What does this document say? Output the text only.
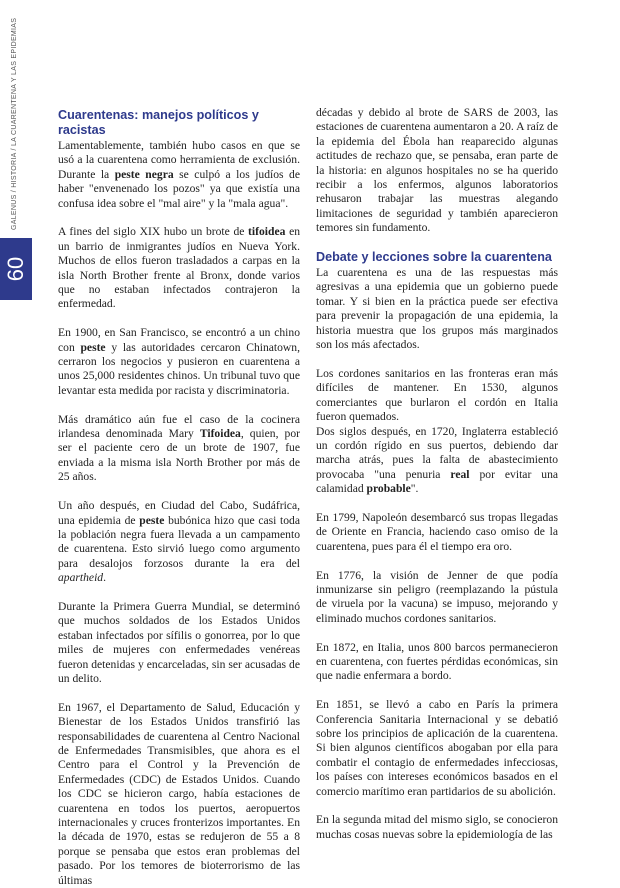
GALENUS / HISTORIA / LA CUARENTENA Y LAS EPIDEMIAS
60
Cuarentenas: manejos políticos y racistas

Lamentablemente, también hubo casos en que se usó a la cuarentena como herramienta de exclusión. Durante la peste negra se culpó a los judíos de haber "envenenado los pozos" ya que existía una confusa idea sobre el "mal aire" y la "mala agua".

A fines del siglo XIX hubo un brote de tifoidea en un barrio de inmigrantes judíos en Nueva York. Muchos de ellos fueron trasladados a carpas en la isla North Brother frente al Bronx, donde varios que no estaban infectados contrajeron la enfermedad.

En 1900, en San Francisco, se encontró a un chino con peste y las autoridades cercaron Chinatown, cerraron los negocios y pusieron en cuarentena a unos 25,000 residentes chinos. Un tribunal tuvo que levantar esta medida por racista y discriminatoria.

Más dramático aún fue el caso de la cocinera irlandesa denominada Mary Tifoidea, quien, por ser el paciente cero de un brote de 1907, fue enviada a la misma isla North Brother por más de 25 años.

Un año después, en Ciudad del Cabo, Sudáfrica, una epidemia de peste bubónica hizo que casi toda la población negra fuera llevada a un campamento de cuarentena. Esto sirvió luego como argumento para desalojos forzosos durante la era del apartheid.

Durante la Primera Guerra Mundial, se determinó que muchos soldados de los Estados Unidos estaban infectados por sífilis o gonorrea, por lo que miles de mujeres con enfermedades venéreas fueron detenidas y encarceladas, sin ser acusadas de un delito.

En 1967, el Departamento de Salud, Educación y Bienestar de los Estados Unidos transfirió las responsabilidades de cuarentena al Centro Nacional de Enfermedades Transmisibles, que ahora es el Centro para el Control y la Prevención de Enfermedades (CDC) de Estados Unidos. Cuando los CDC se hicieron cargo, había estaciones de cuarentena en todos los puertos, aeropuertos internacionales y cruces fronterizos importantes. En la década de 1970, estas se redujeron de 55 a 8 porque se pensaba que estos eran problemas del pasado. Por los temores de bioterrorismo de las últimas

décadas y debido al brote de SARS de 2003, las estaciones de cuarentena aumentaron a 20. A raíz de la epidemia del Ébola han reaparecido algunas actitudes de rechazo que, se pensaba, eran parte de la historia: en algunos hospitales no se ha querido recibir a los enfermos, algunos laboratorios rehusaron trabajar las muestras alegando limitaciones de seguridad y también aparecieron temores sin fundamento.

Debate y lecciones sobre la cuarentena

La cuarentena es una de las respuestas más agresivas a una epidemia que un gobierno puede tomar. Y si bien en la práctica puede ser efectiva para prevenir la propagación de una epidemia, la historia muestra que los grupos más marginados son los más afectados.

Los cordones sanitarios en las fronteras eran más difíciles de mantener. En 1530, algunos comerciantes que burlaron el cordón en Italia fueron quemados.

Dos siglos después, en 1720, Inglaterra estableció un cordón rígido en sus puertos, debiendo dar marcha atrás, pues la falta de abastecimiento provocaba "una penuria real por evitar una calamidad probable".

En 1799, Napoleón desembarcó sus tropas llegadas de Oriente en Francia, haciendo caso omiso de la cuarentena, pues para él el tiempo era oro.

En 1776, la visión de Jenner de que podía inmunizarse sin peligro (reemplazando la pústula de viruela por la vacuna) se impuso, mejorando y eliminado muchos cordones sanitarios.

En 1872, en Italia, unos 800 barcos permanecieron en cuarentena, con fuertes pérdidas económicas, sin que nadie enfermara a bordo.

En 1851, se llevó a cabo en París la primera Conferencia Sanitaria Internacional y se debatió sobre los principios de aplicación de la cuarentena. Si bien algunos científicos abogaban por ella para combatir el contagio de enfermedades infecciosas, los países con intereses económicos basados en el comercio marítimo eran partidarios de su abolición.

En la segunda mitad del mismo siglo, se conocieron muchas cosas nuevas sobre la epidemiología de las
